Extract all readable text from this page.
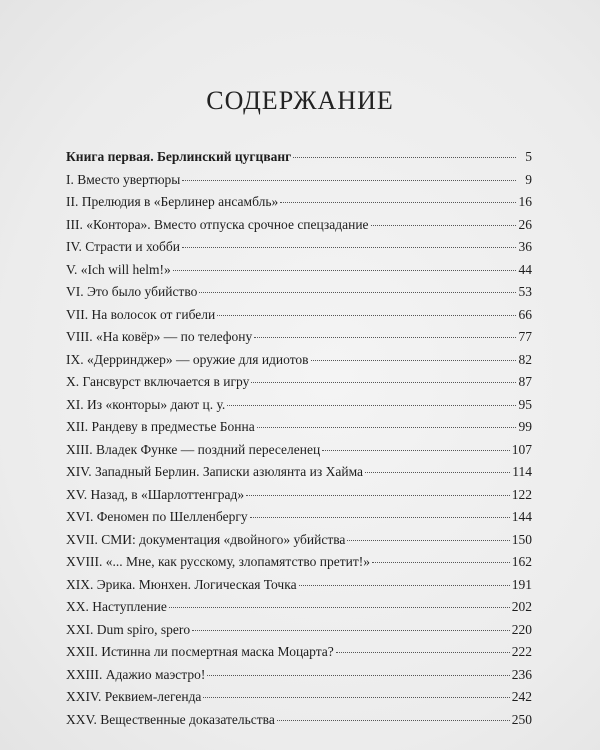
СОДЕРЖАНИЕ
Книга первая. Берлинский цугцванг	5
I. Вместо увертюры	9
II. Прелюдия в «Берлинер ансамбль»	16
III. «Контора». Вместо отпуска срочное спецзадание	26
IV. Страсти и хобби	36
V. «Ich will helm!»	44
VI. Это было убийство	53
VII. На волосок от гибели	66
VIII. «На ковёр» — по телефону	77
IX. «Дерринджер» — оружие для идиотов	82
X. Гансвурст включается в игру	87
XI. Из «конторы» дают ц. у.	95
XII. Рандеву в предместье Бонна	99
XIII. Владек Функе — поздний переселенец	107
XIV. Западный Берлин. Записки азюлянта из Хайма	114
XV. Назад, в «Шарлоттенград»	122
XVI. Феномен по Шелленбергу	144
XVII. СМИ: документация «двойного» убийства	150
XVIII. «... Мне, как русскому, злопамятство претит!»	162
XIX. Эрика. Мюнхен. Логическая Точка	191
XX. Наступление	202
XXI. Dum spiro, spero	220
XXII. Истинна ли посмертная маска Моцарта?	222
XXIII. Адажио маэстро!	236
XXIV. Реквием-легенда	242
XXV. Вещественные доказательства	250
